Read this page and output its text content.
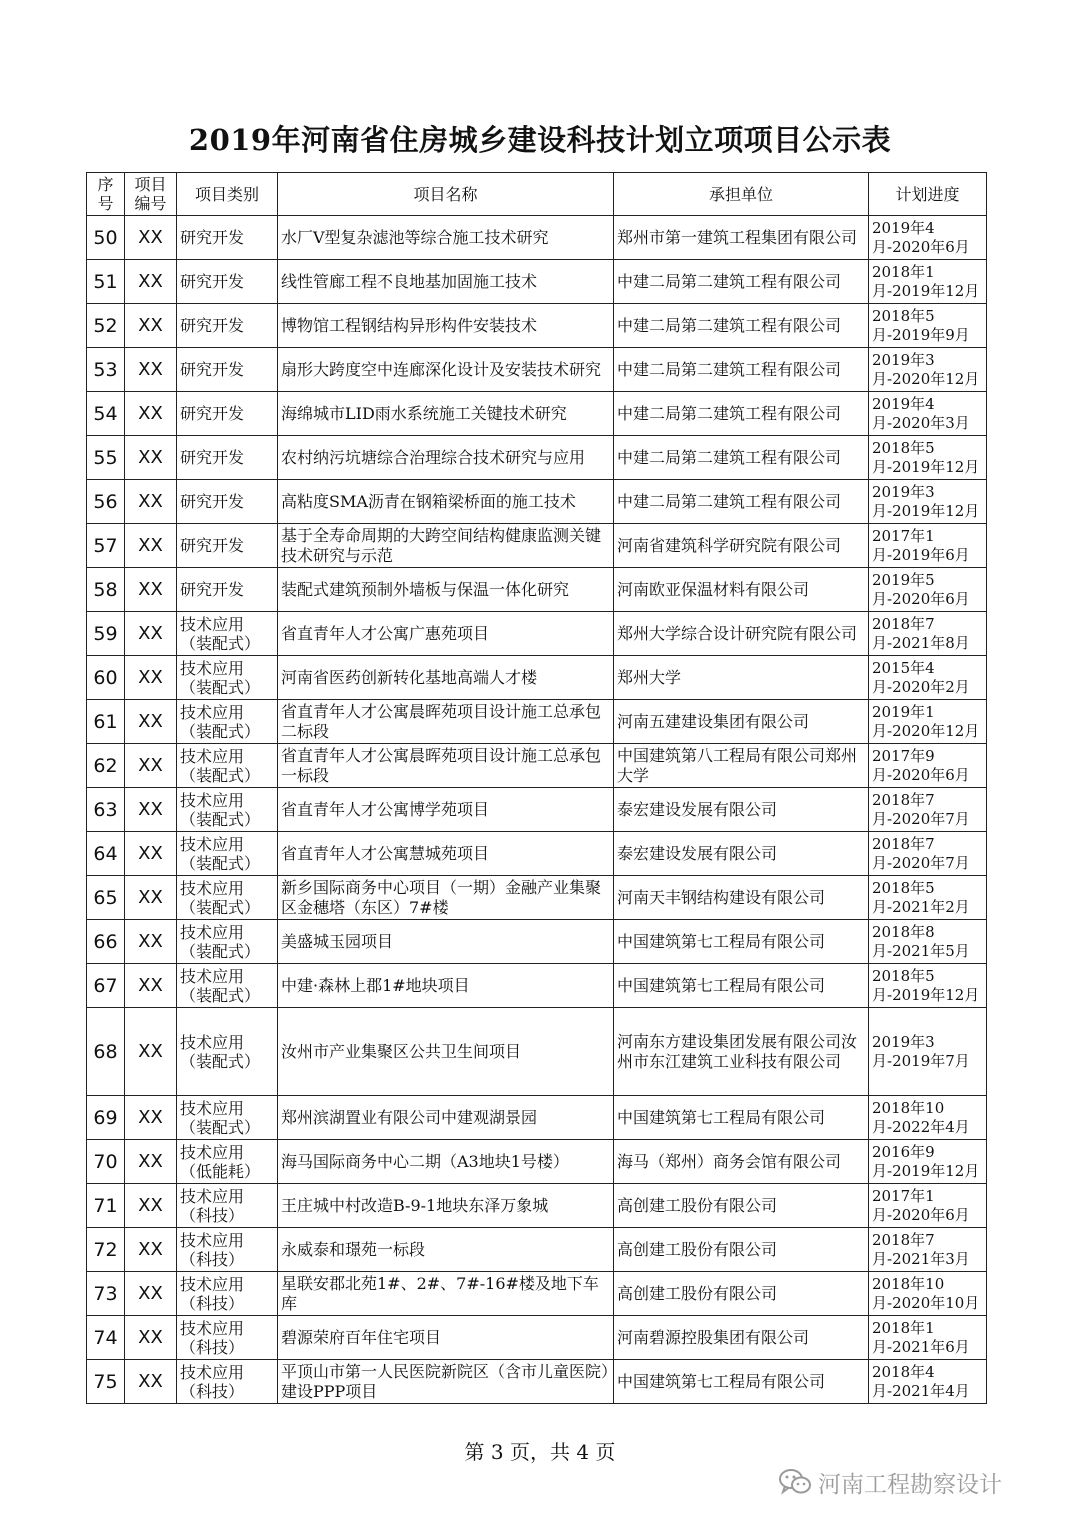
2019年河南省住房城乡建设科技计划立项项目公示表
序号	项目编号	项目类别	项目名称	承担单位	计划进度
50	XX	研究开发	水厂V型复杂滤池等综合施工技术研究	郑州市第一建筑工程集团有限公司	2019年4月-2020年6月
51	XX	研究开发	线性管廊工程不良地基加固施工技术	中建二局第二建筑工程有限公司	2018年1月-2019年12月
52	XX	研究开发	博物馆工程钢结构异形构件安装技术	中建二局第二建筑工程有限公司	2018年5月-2019年9月
53	XX	研究开发	扇形大跨度空中连廊深化设计及安装技术研究	中建二局第二建筑工程有限公司	2019年3月-2020年12月
54	XX	研究开发	海绵城市LID雨水系统施工关键技术研究	中建二局第二建筑工程有限公司	2019年4月-2020年3月
55	XX	研究开发	农村纳污坑塘综合治理综合技术研究与应用	中建二局第二建筑工程有限公司	2018年5月-2019年12月
56	XX	研究开发	高粘度SMA沥青在钢箱梁桥面的施工技术	中建二局第二建筑工程有限公司	2019年3月-2019年12月
57	XX	研究开发	基于全寿命周期的大跨空间结构健康监测关键技术研究与示范	河南省建筑科学研究院有限公司	2017年1月-2019年6月
58	XX	研究开发	装配式建筑预制外墙板与保温一体化研究	河南欧亚保温材料有限公司	2019年5月-2020年6月
59	XX	技术应用（装配式）	省直青年人才公寓广惠苑项目	郑州大学综合设计研究院有限公司	2018年7月-2021年8月
60	XX	技术应用（装配式）	河南省医药创新转化基地高端人才楼	郑州大学	2015年4月-2020年2月
61	XX	技术应用（装配式）	省直青年人才公寓晨晖苑项目设计施工总承包二标段	河南五建建设集团有限公司	2019年1月-2020年12月
62	XX	技术应用（装配式）	省直青年人才公寓晨晖苑项目设计施工总承包一标段	中国建筑第八工程局有限公司郑州大学	2017年9月-2020年6月
63	XX	技术应用（装配式）	省直青年人才公寓博学苑项目	泰宏建设发展有限公司	2018年7月-2020年7月
64	XX	技术应用（装配式）	省直青年人才公寓慧城苑项目	泰宏建设发展有限公司	2018年7月-2020年7月
65	XX	技术应用（装配式）	新乡国际商务中心项目（一期）金融产业集聚区金穗塔（东区）7#楼	河南天丰钢结构建设有限公司	2018年5月-2021年2月
66	XX	技术应用（装配式）	美盛城玉园项目	中国建筑第七工程局有限公司	2018年8月-2021年5月
67	XX	技术应用（装配式）	中建·森林上郡1#地块项目	中国建筑第七工程局有限公司	2018年5月-2019年12月
68	XX	技术应用（装配式）	汝州市产业集聚区公共卫生间项目	河南东方建设集团发展有限公司汝州市东江建筑工业科技有限公司	2019年3月-2019年7月
69	XX	技术应用（装配式）	郑州滨湖置业有限公司中建观湖景园	中国建筑第七工程局有限公司	2018年10月-2022年4月
70	XX	技术应用（低能耗）	海马国际商务中心二期（A3地块1号楼）	海马（郑州）商务会馆有限公司	2016年9月-2019年12月
71	XX	技术应用（科技）	王庄城中村改造B-9-1地块东泽万象城	高创建工股份有限公司	2017年1月-2020年6月
72	XX	技术应用（科技）	永威泰和璟苑一标段	高创建工股份有限公司	2018年7月-2021年3月
73	XX	技术应用（科技）	星联安郡北苑1#、2#、7#-16#楼及地下车库	高创建工股份有限公司	2018年10月-2020年10月
74	XX	技术应用（科技）	碧源荣府百年住宅项目	河南碧源控股集团有限公司	2018年1月-2021年6月
75	XX	技术应用（科技）	平顶山市第一人民医院新院区（含市儿童医院）建设PPP项目	中国建筑第七工程局有限公司	2018年4月-2021年4月
第 3 页，共 4 页
河南工程勘察设计
